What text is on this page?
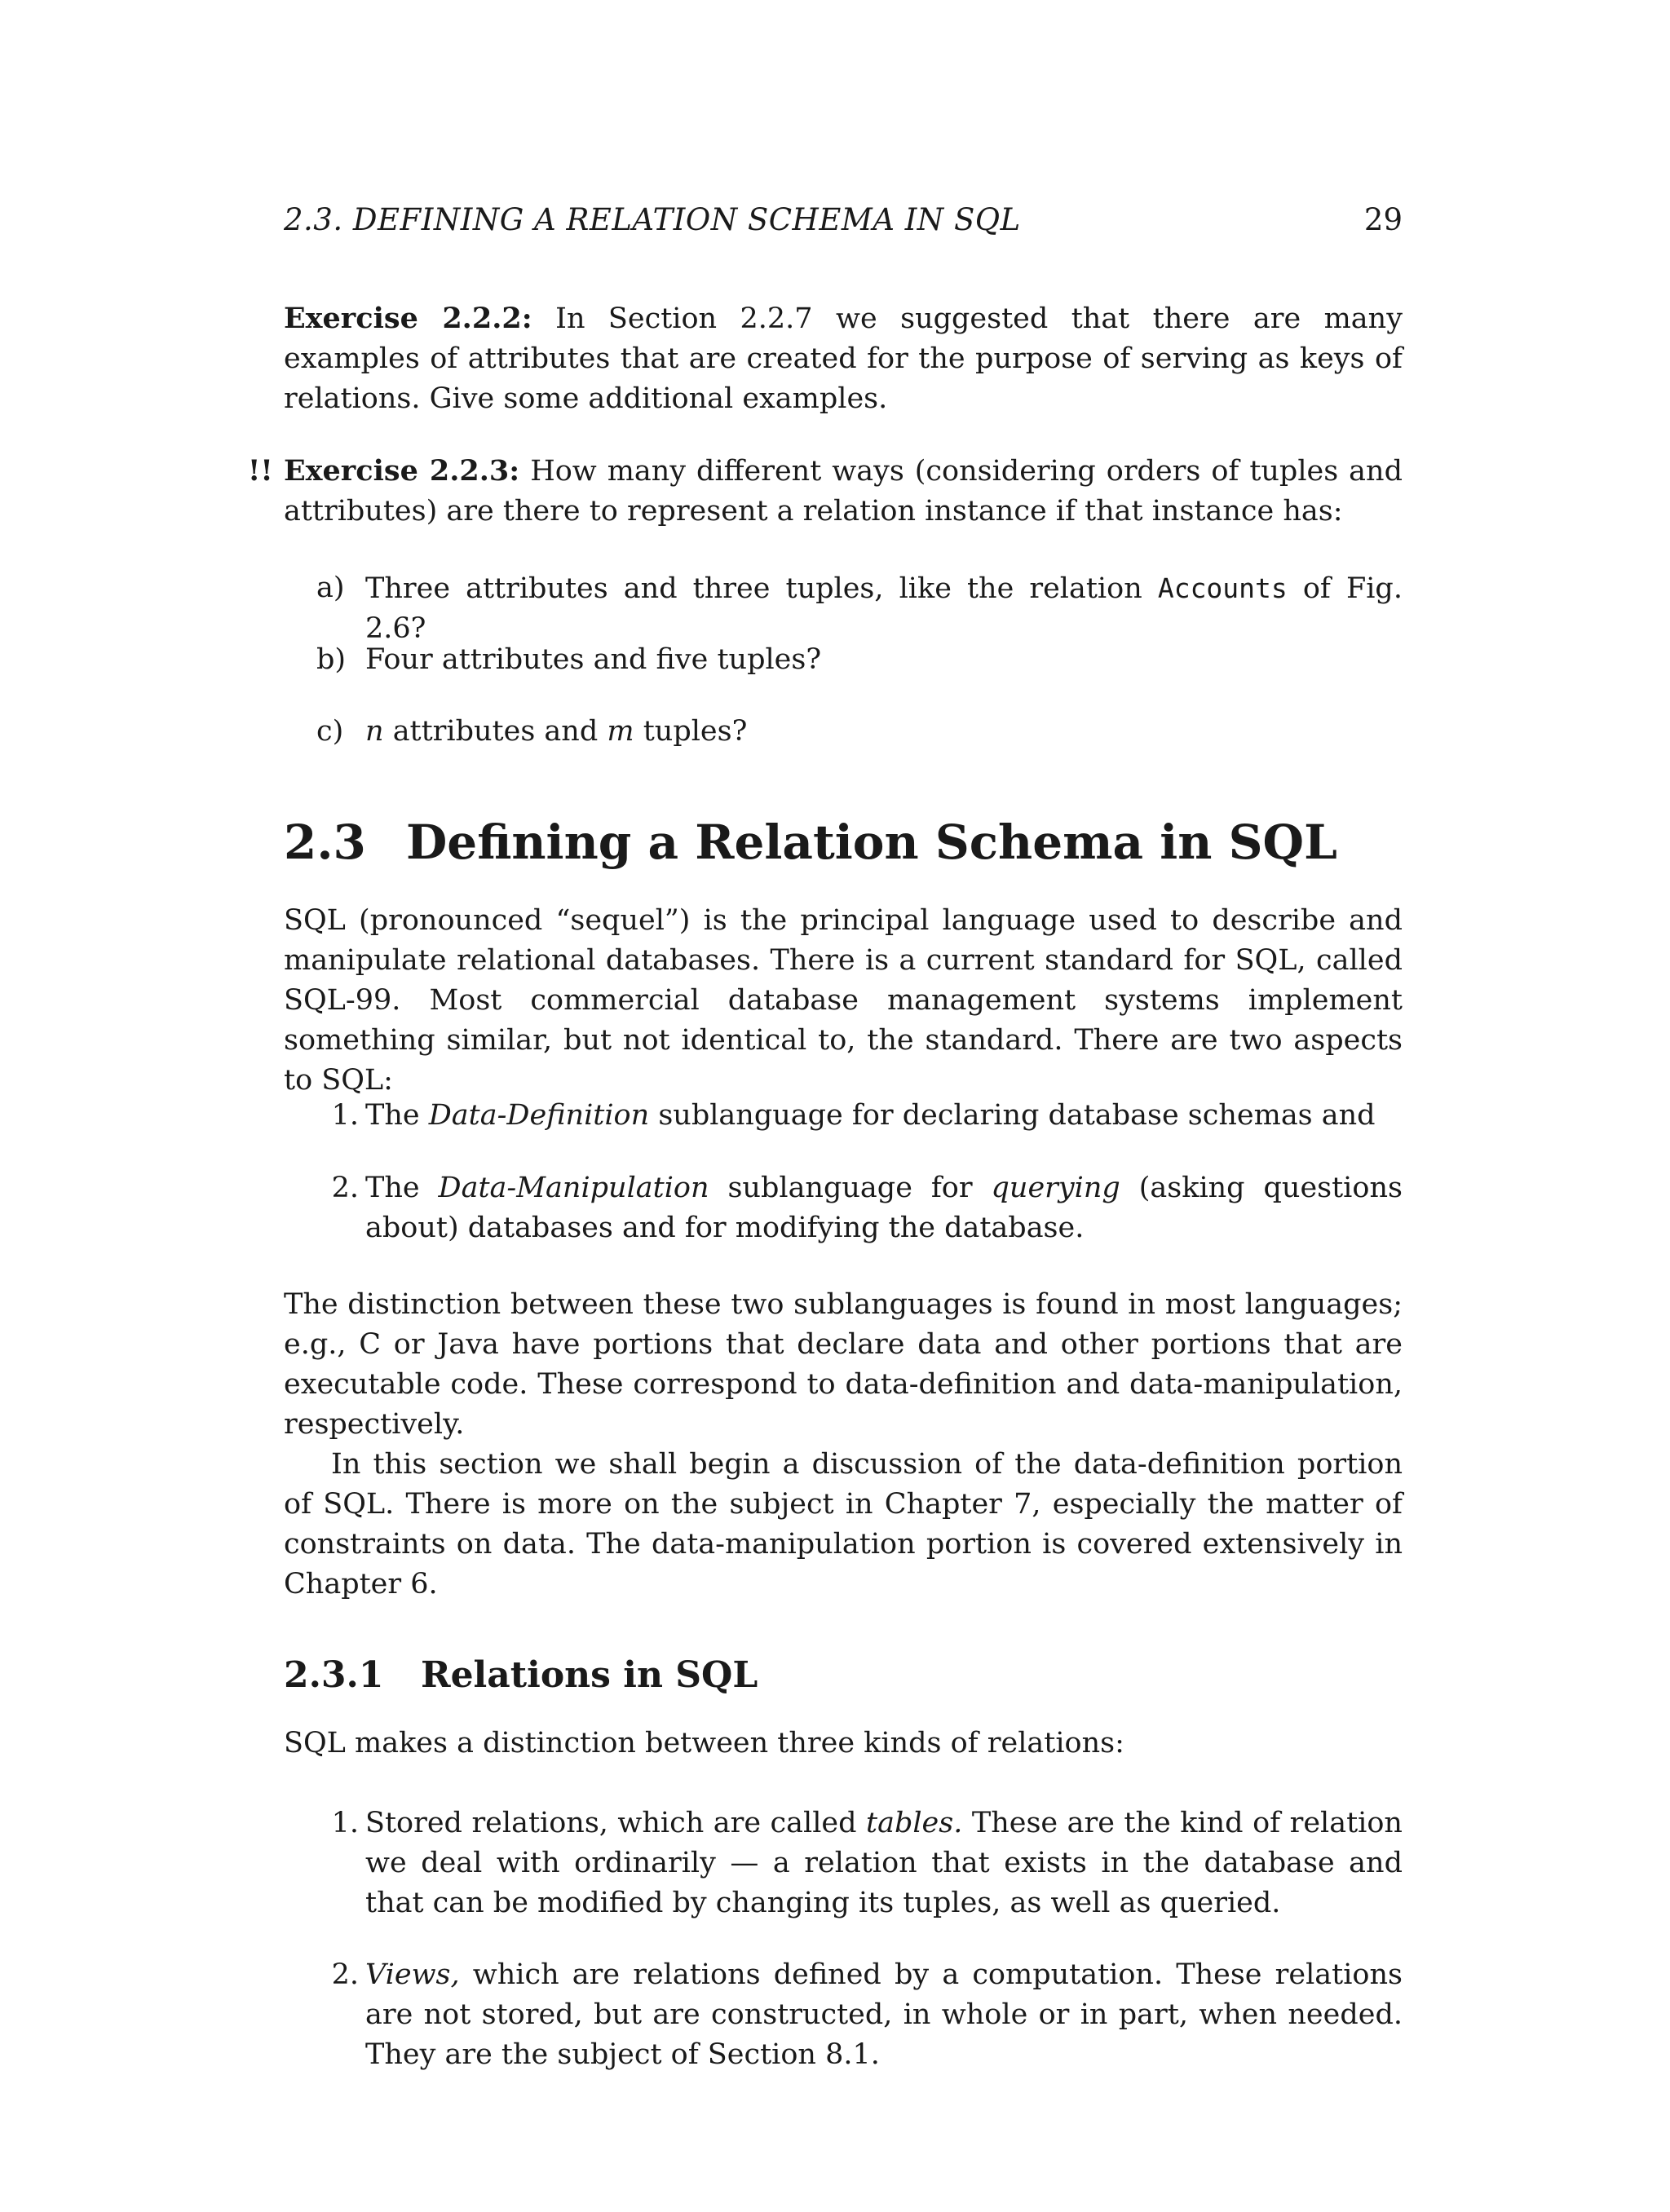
2.3. DEFINING A RELATION SCHEMA IN SQL	29
Exercise 2.2.2: In Section 2.2.7 we suggested that there are many examples of attributes that are created for the purpose of serving as keys of relations. Give some additional examples.
!! Exercise 2.2.3: How many different ways (considering orders of tuples and attributes) are there to represent a relation instance if that instance has:
a) Three attributes and three tuples, like the relation Accounts of Fig. 2.6?
b) Four attributes and five tuples?
c) n attributes and m tuples?
2.3 Defining a Relation Schema in SQL
SQL (pronounced “sequel”) is the principal language used to describe and manipulate relational databases. There is a current standard for SQL, called SQL-99. Most commercial database management systems implement something similar, but not identical to, the standard. There are two aspects to SQL:
1. The Data-Definition sublanguage for declaring database schemas and
2. The Data-Manipulation sublanguage for querying (asking questions about) databases and for modifying the database.
The distinction between these two sublanguages is found in most languages; e.g., C or Java have portions that declare data and other portions that are executable code. These correspond to data-definition and data-manipulation, respectively.
In this section we shall begin a discussion of the data-definition portion of SQL. There is more on the subject in Chapter 7, especially the matter of constraints on data. The data-manipulation portion is covered extensively in Chapter 6.
2.3.1 Relations in SQL
SQL makes a distinction between three kinds of relations:
1. Stored relations, which are called tables. These are the kind of relation we deal with ordinarily — a relation that exists in the database and that can be modified by changing its tuples, as well as queried.
2. Views, which are relations defined by a computation. These relations are not stored, but are constructed, in whole or in part, when needed. They are the subject of Section 8.1.
